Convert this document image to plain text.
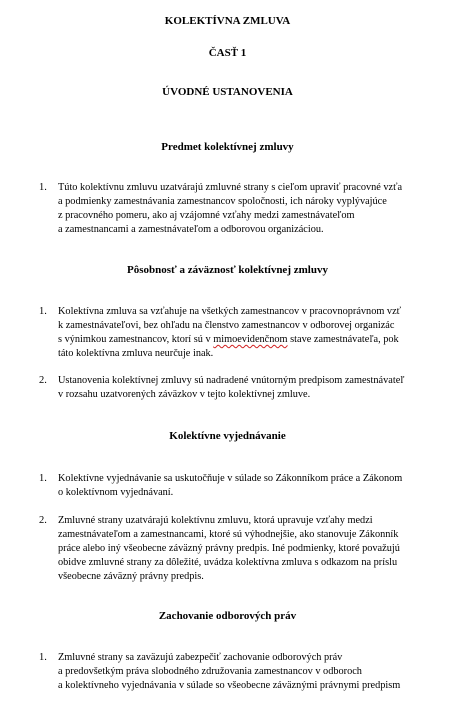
KOLEKTÍVNA ZMLUVA
ČASŤ 1
ÚVODNÉ USTANOVENIA
Predmet kolektívnej zmluvy
1. Túto kolektívnu zmluvu uzatvárajú zmluvné strany s cieľom upraviť pracovné vzťa
a podmienky zamestnávania zamestnancov spoločnosti, ich nároky vyplývajúce
z pracovného pomeru, ako aj vzájomné vzťahy medzi zamestnávateľom
a zamestnancami a zamestnávateľom a odborovou organizáciou.
Pôsobnosť a záväznosť kolektívnej zmluvy
1. Kolektívna zmluva sa vzťahuje na všetkých zamestnancov v pracovnoprávnom vzť
k zamestnávateľovi, bez ohľadu na členstvo zamestnancov v odborovej organizác
s výnimkou zamestnancov, ktorí sú v mimoevidenčnom stave zamestnávateľa, pok
táto kolektívna zmluva neurčuje inak.
2. Ustanovenia kolektívnej zmluvy sú nadradené vnútorným predpisom zamestnávateľ
v rozsahu uzatvorených záväzkov v tejto kolektívnej zmluve.
Kolektívne vyjednávanie
1. Kolektívne vyjednávanie sa uskutočňuje v súlade so Zákonníkom práce a Zákonom
o kolektívnom vyjednávaní.
2. Zmluvné strany uzatvárajú kolektívnu zmluvu, ktorá upravuje vzťahy medzi
zamestnávateľom a zamestnancami, ktoré sú výhodnejšie, ako stanovuje Zákonník
práce alebo iný všeobecne záväzný právny predpis. Iné podmienky, ktoré považujú
obidve zmluvné strany za dôležité, uvádza kolektívna zmluva s odkazom na príslu
všeobecne záväzný právny predpis.
Zachovanie odborových práv
1. Zmluvné strany sa zaväzujú zabezpečiť zachovanie odborových práv
a predovšetkým práva slobodného združovania zamestnancov v odboroch
a kolektívneho vyjednávania v súlade so všeobecne záväznými právnymi predpism
